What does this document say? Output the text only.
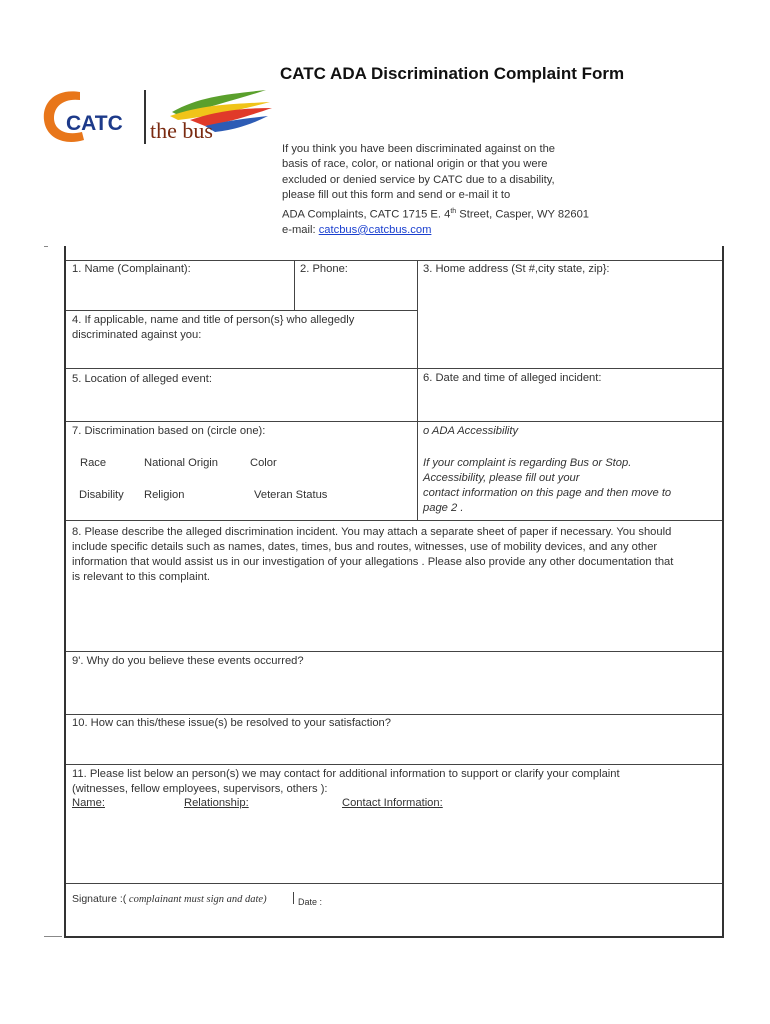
CATC ADA Discrimination Complaint Form
CATC the bus
If you think you have been discriminated against on the
basis of race, color, or national origin or that you were
excluded or denied service by CATC due to a disability,
please fill out this form and send or e-mail it to
ADA Complaints, CATC 1715 E. 4th Street, Casper, WY 82601
e-mail: catcbus@catcbus.com
1. Name (Complainant):	2. Phone:	3. Home address (St #,city state, zip}:
4. If applicable, name and title of person(s} who allegedly
discriminated against you:
5. Location of alleged event:	6. Date and time of alleged incident:
7. Discrimination based on (circle one):
Race	National Origin	Color
Disability Religion	Veteran Status
o ADA Accessibility
If your complaint is regarding Bus or Stop.
Accessibility, please fill out your
contact information on this page and then move to
page 2 .
8. Please describe the alleged discrimination incident. You may attach a separate sheet of paper if necessary. You should
include specific details such as names, dates, times, bus and routes, witnesses, use of mobility devices, and any other
information that would assist us in our investigation of your allegations . Please also provide any other documentation that
is relevant to this complaint.
9'. Why do you believe these events occurred?
10. How can this/these issue(s) be resolved to your satisfaction?
11. Please list below an person(s) we may contact for additional information to support or clarify your complaint
(witnesses, fellow employees, supervisors, others ):
Name:	Relationship:	Contact Information:
Signature :( complainant must sign and date)	Date :
